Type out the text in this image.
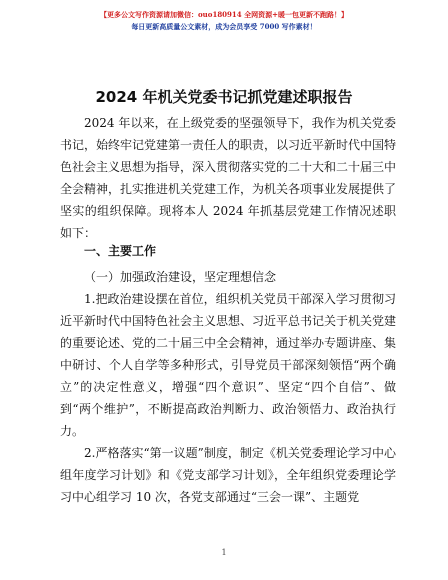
【更多公文写作资源请加微信：ouo180914 全网资源+暖一包更新不跑路！】
每日更新高质量公文素材，成为会员享受 7000 写作素材！
2024 年机关党委书记抓党建述职报告

2024 年以来，在上级党委的坚强领导下，我作为机关党委书记，始终牢记党建第一责任人的职责，以习近平新时代中国特色社会主义思想为指导，深入贯彻落实党的二十大和二十届三中全会精神，扎实推进机关党建工作，为机关各项事业发展提供了坚实的组织保障。现将本人 2024 年抓基层党建工作情况述职如下：

一、主要工作
（一）加强政治建设，坚定理想信念

1.把政治建设摆在首位，组织机关党员干部深入学习贯彻习近平新时代中国特色社会主义思想、习近平总书记关于机关党建的重要论述、党的二十届三中全会精神，通过举办专题讲座、集中研讨、个人自学等多种形式，引导党员干部深刻领悟“两个确立”的决定性意义，增强“四个意识”、坚定“四个自信”、做到“两个维护”，不断提高政治判断力、政治领悟力、政治执行力。

2.严格落实“第一议题”制度，制定《机关党委理论学习中心组年度学习计划》和《党支部学习计划》，全年组织党委理论学习中心组学习 10 次，各党支部通过“三会一课”、主题党

1
